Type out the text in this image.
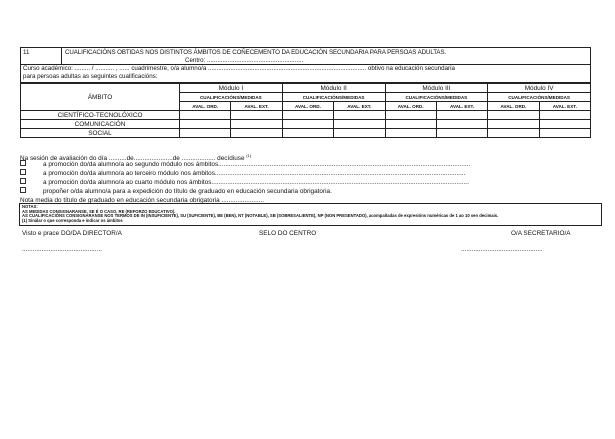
11	CUALIFICACIÓNS OBTIDAS NOS DISTINTOS ÁMBITOS DE COÑECEMENTO DA EDUCACIÓN SECUNDARIA PARA PERSOAS ADULTAS.
Centro: ........................................................
Curso académico: ......... / ........... , ...... cuadrimestre, o/a alumno/a ............................................................................................ obtivo na educación secundaria
para persoas adultas as seguintes cualificacións:
ÁMBITO	Módulo I		Módulo II		Módulo III		Módulo IV	
	CUALIFICACIÓNS/MEDIDAS		CUALIFICACIÓNS/MEDIDAS		CUALIFICACIÓNS/MEDIDAS		CUALIFICACIÓNS/MEDIDAS	
	AVAL. ORD.	AVAL. EXT.	AVAL. ORD.	AVAL. EXT.	AVAL. ORD.	AVAL. EXT.	AVAL. ORD.	AVAL. EXT.
CIENTÍFICO-TECNOLÓXICO								
COMUNICACIÓN								
SOCIAL								
Na sesión de avaliación do día ..........de......................de .................., decídiuse $^{(1)}$
a promoción do/da alumno/a ao segundo módulo nos ámbitos..............................................................................................................................................
a promoción do/da alumno/a ao terceiro módulo nos ámbitos.............................................................................................................................................
a promoción do/da alumno/a ao cuarto módulo nos ámbitos.................................................................................................................................................
propoñer o/da alumno/a para a expedición do título de graduado en educación secundaria obrigatoria.
Nota media do título de graduado en educación secundaria obrigatoria ........................
NOTAS:
AS MEDIDAS CONSIGNARANSE, SE É O CASO, RE (REFORZO EDUCATIVO).
AS CUALIFICACIÓNS CONSIGNARANSE NOS TERMOS DE IN (INSUFICIENTE), SU (SUFICIENTE), BE (BEN), NT (NOTABLE), SB (SOBRESALIENTE), NP (NON PRESENTADO), acompañadas de expresións numéricas de 1 ao 10 sen decimais.
(1) Sinálar o que corresponda e indicar os ámbitos
Visto e prace DO/DA DIRECTOR/A	SELO DO CENTRO	O/A SECRETARIO/A
.............................................	..............................................
